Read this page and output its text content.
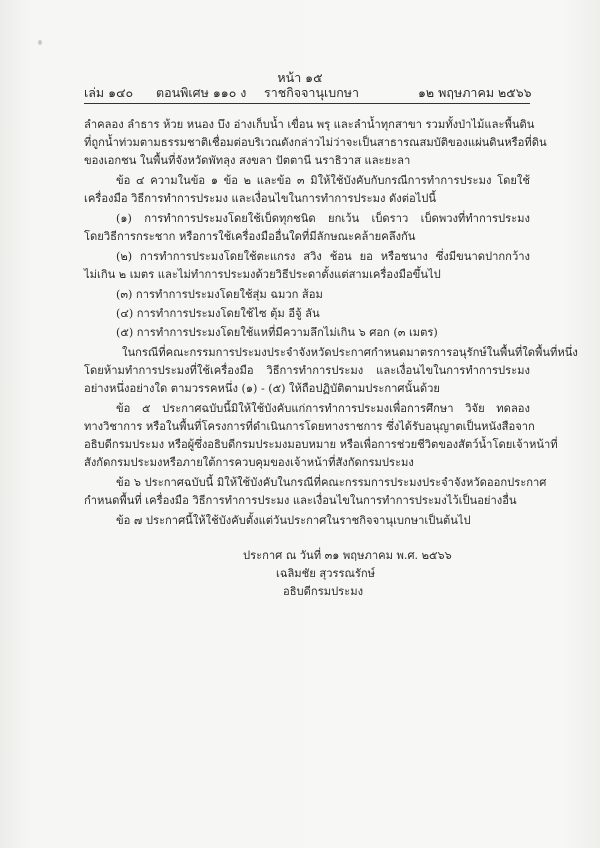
หน้า ๑๕
เล่ม ๑๔๐ ตอนพิเศษ ๑๑๐ ง ราชกิจจานุเบกษา	๑๒ พฤษภาคม ๒๕๖๖
ลำคลอง ลำธาร ห้วย หนอง บึง อ่างเก็บน้ำ เขื่อน พรุ และลำน้ำทุกสาขา รวมทั้งป่าไม้และพื้นดิน
ที่ถูกน้ำท่วมตามธรรมชาติเชื่อมต่อบริเวณดังกล่าวไม่ว่าจะเป็นสาธารณสมบัติของแผ่นดินหรือที่ดิน
ของเอกชน ในพื้นที่จังหวัดพัทลุง สงขลา ปัตตานี นราธิวาส และยะลา
ข้อ ๔ ความในข้อ ๑ ข้อ ๒ และข้อ ๓ มิให้ใช้บังคับกับกรณีการทำการประมง โดยใช้
เครื่องมือ วิธีการทำการประมง และเงื่อนไขในการทำการประมง ดังต่อไปนี้
(๑) การทำการประมงโดยใช้เบ็ดทุกชนิด ยกเว้น เบ็ดราว เบ็ดพวงที่ทำการประมง
โดยวิธีการกระชาก หรือการใช้เครื่องมืออื่นใดที่มีลักษณะคล้ายคลึงกัน
(๒) การทำการประมงโดยใช้ตะแกรง สวิง ช้อน ยอ หรือชนาง ซึ่งมีขนาดปากกว้าง
ไม่เกิน ๒ เมตร และไม่ทำการประมงด้วยวิธีประดาตั้งแต่สามเครื่องมือขึ้นไป
(๓) การทำการประมงโดยใช้สุ่ม ฉมวก ส้อม
(๔) การทำการประมงโดยใช้ไซ ตุ้ม อีจู้ ลัน
(๕) การทำการประมงโดยใช้แหที่มีความลึกไม่เกิน ๖ ศอก (๓ เมตร)
ในกรณีที่คณะกรรมการประมงประจำจังหวัดประกาศกำหนดมาตรการอนุรักษ์ในพื้นที่ใดพื้นที่หนึ่ง
โดยห้ามทำการประมงที่ใช้เครื่องมือ วิธีการทำการประมง และเงื่อนไขในการทำการประมง
อย่างหนึ่งอย่างใด ตามวรรคหนึ่ง (๑) - (๕) ให้ถือปฏิบัติตามประกาศนั้นด้วย
ข้อ ๕ ประกาศฉบับนี้มิให้ใช้บังคับแก่การทำการประมงเพื่อการศึกษา วิจัย ทดลอง
ทางวิชาการ หรือในพื้นที่โครงการที่ดำเนินการโดยทางราชการ ซึ่งได้รับอนุญาตเป็นหนังสือจาก
อธิบดีกรมประมง หรือผู้ซึ่งอธิบดีกรมประมงมอบหมาย หรือเพื่อการช่วยชีวิตของสัตว์น้ำโดยเจ้าหน้าที่
สังกัดกรมประมงหรือภายใต้การควบคุมของเจ้าหน้าที่สังกัดกรมประมง
ข้อ ๖ ประกาศฉบับนี้ มิให้ใช้บังคับในกรณีที่คณะกรรมการประมงประจำจังหวัดออกประกาศ
กำหนดพื้นที่ เครื่องมือ วิธีการทำการประมง และเงื่อนไขในการทำการประมงไว้เป็นอย่างอื่น
ข้อ ๗ ประกาศนี้ให้ใช้บังคับตั้งแต่วันประกาศในราชกิจจานุเบกษาเป็นต้นไป
ประกาศ ณ วันที่ ๓๑ พฤษภาคม พ.ศ. ๒๕๖๖
เฉลิมชัย สุวรรณรักษ์
อธิบดีกรมประมง
